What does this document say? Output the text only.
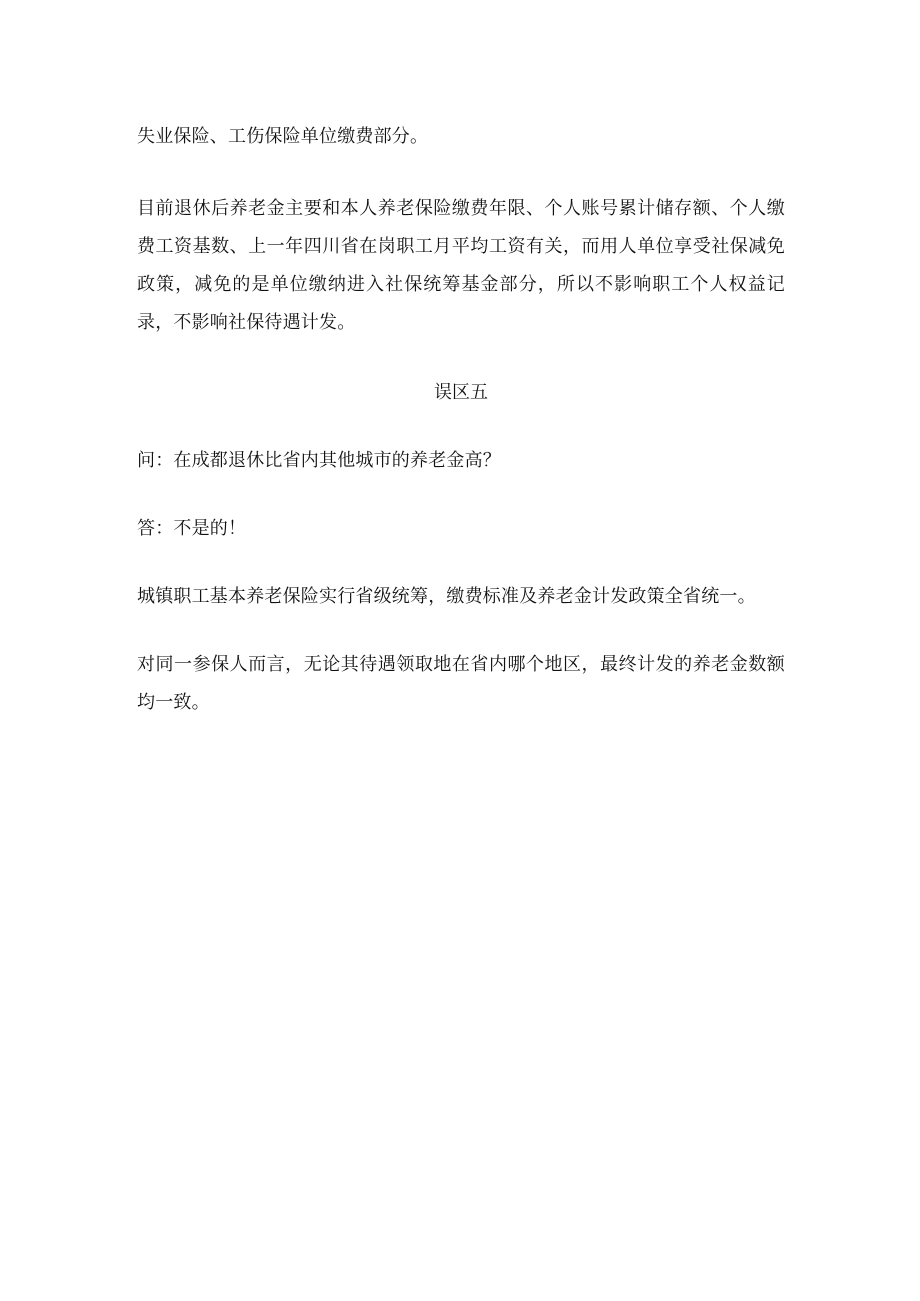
失业保险、工伤保险单位缴费部分。

目前退休后养老金主要和本人养老保险缴费年限、个人账号累计储存额、个人缴费工资基数、上一年四川省在岗职工月平均工资有关，而用人单位享受社保减免政策，减免的是单位缴纳进入社保统筹基金部分，所以不影响职工个人权益记录，不影响社保待遇计发。

误区五

问：在成都退休比省内其他城市的养老金高？

答：不是的！

城镇职工基本养老保险实行省级统筹，缴费标准及养老金计发政策全省统一。

对同一参保人而言，无论其待遇领取地在省内哪个地区，最终计发的养老金数额均一致。
